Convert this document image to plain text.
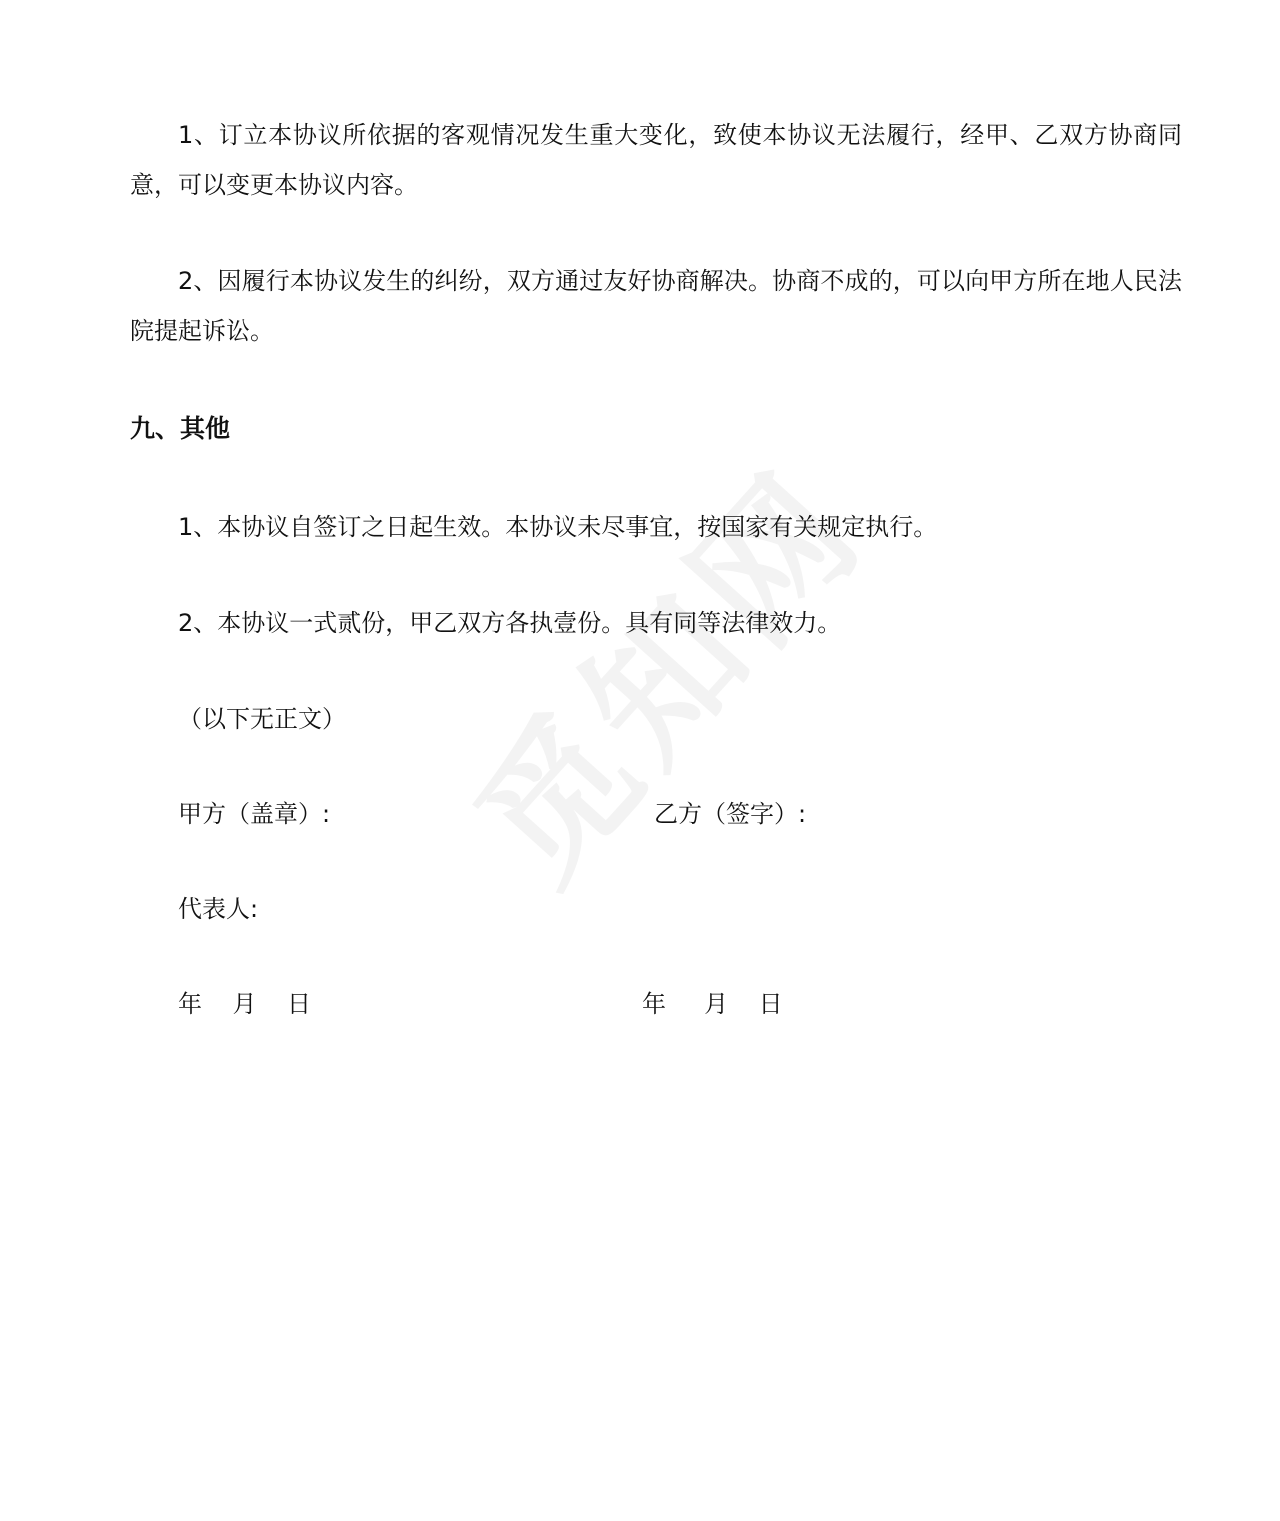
1、订立本协议所依据的客观情况发生重大变化，致使本协议无法履行，经甲、乙双方协商同意，可以变更本协议内容。

2、因履行本协议发生的纠纷，双方通过友好协商解决。协商不成的，可以向甲方所在地人民法院提起诉讼。

九、其他

1、本协议自签订之日起生效。本协议未尽事宜，按国家有关规定执行。

2、本协议一式贰份，甲乙双方各执壹份。具有同等法律效力。

（以下无正文）

甲方（盖章）:	乙方（签字）:

代表人:

年    月    日	年     月    日
